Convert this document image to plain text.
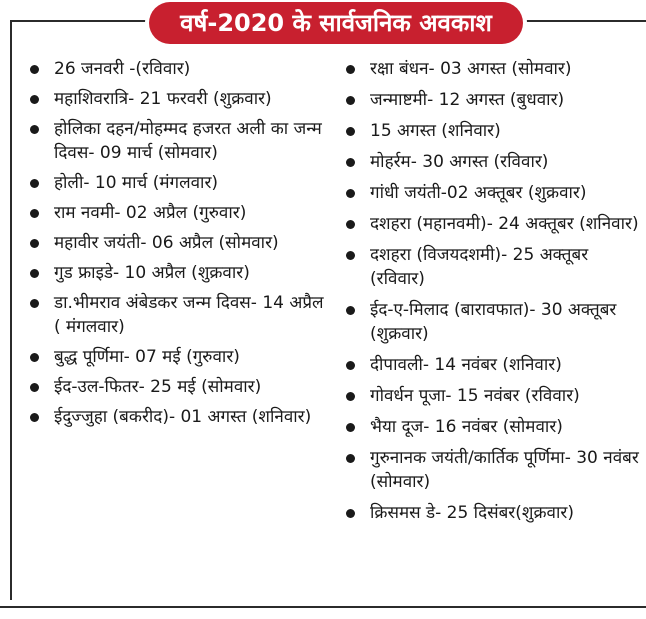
वर्ष-2020 के सार्वजनिक अवकाश
26 जनवरी -(रविवार)
महाशिवरात्रि- 21 फरवरी (शुक्रवार)
होलिका दहन/मोहम्मद हजरत अली का जन्म दिवस- 09 मार्च (सोमवार)
होली- 10 मार्च (मंगलवार)
राम नवमी- 02 अप्रैल (गुरुवार)
महावीर जयंती- 06 अप्रैल (सोमवार)
गुड फ्राइडे- 10 अप्रैल (शुक्रवार)
डा.भीमराव अंबेडकर जन्म दिवस- 14 अप्रैल ( मंगलवार)
बुद्ध पूर्णिमा- 07 मई (गुरुवार)
ईद-उल-फितर- 25 मई (सोमवार)
ईदुज्जुहा (बकरीद)- 01 अगस्त (शनिवार)
रक्षा बंधन- 03 अगस्त (सोमवार)
जन्माष्टमी- 12 अगस्त (बुधवार)
15 अगस्त (शनिवार)
मोहर्रम- 30 अगस्त (रविवार)
गांधी जयंती-02 अक्तूबर (शुक्रवार)
दशहरा (महानवमी)- 24 अक्तूबर (शनिवार)
दशहरा (विजयदशमी)- 25 अक्तूबर (रविवार)
ईद-ए-मिलाद (बारावफात)- 30 अक्तूबर (शुक्रवार)
दीपावली- 14 नवंबर (शनिवार)
गोवर्धन पूजा- 15 नवंबर (रविवार)
भैया दूज- 16 नवंबर (सोमवार)
गुरुनानक जयंती/कार्तिक पूर्णिमा- 30 नवंबर (सोमवार)
क्रिसमस डे- 25 दिसंबर(शुक्रवार)
